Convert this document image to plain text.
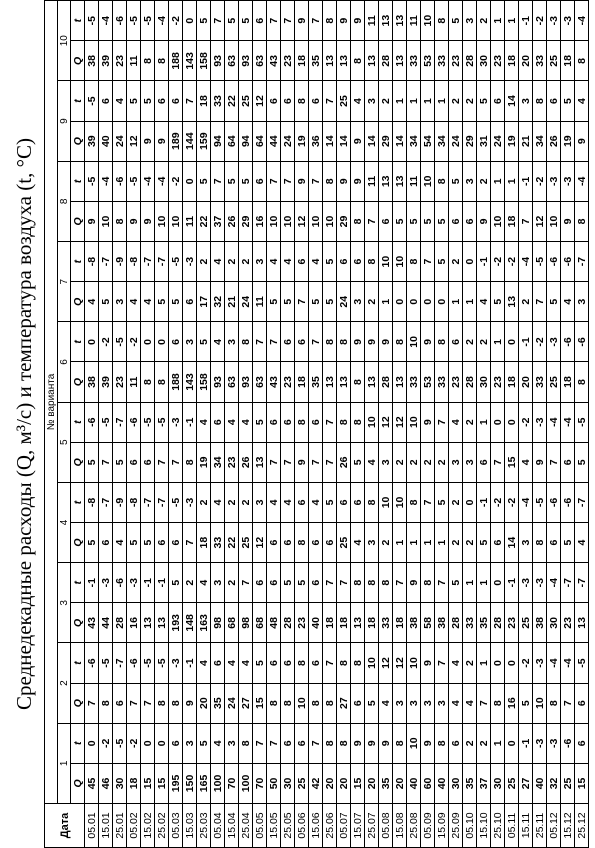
Среднедекадные расходы (Q, м³/с) и температура воздуха (t, °С)
Дата	№ варианта																			
	1		2		3		4		5		6		7		8		9		10	
	Q	t	Q	t	Q	t	Q	t	Q	t	Q	t	Q	t	Q	t	Q	t	Q	t
05.01	45	0	7	-6	43	-1	5	-8	5	-6	38	0	4	-8	9	-5	39	-5	38	-5
15.01	46	-2	8	-5	44	-3	6	-7	7	-5	39	-2	5	-7	10	-4	40	6	39	-4
25.01	30	-5	6	-7	28	-6	4	-9	5	-7	23	-5	3	-9	8	-6	24	4	23	-6
05.02	18	-2	7	-6	16	-3	5	-8	6	-6	11	-2	4	-8	9	-5	12	5	11	-5
15.02	15	0	7	-5	13	-1	5	-7	6	-5	8	0	4	-7	9	-4	9	5	8	-5
25.02	15	0	8	-5	13	-1	6	-7	7	-5	8	0	5	-7	10	-4	9	6	8	-4
05.03	195	6	8	-3	193	5	6	-5	7	-3	188	6	5	-5	10	-2	189	6	188	-2
15.03	150	3	9	-1	148	2	7	-3	8	-1	143	3	6	-3	11	0	144	7	143	0
25.03	165	5	20	4	163	4	18	2	19	4	158	5	17	2	22	5	159	18	158	5
05.04	100	4	35	6	98	3	33	4	34	6	93	4	32	4	37	7	94	33	93	7
15.04	70	3	24	4	68	2	22	2	23	4	63	3	21	2	26	5	64	22	63	5
25.04	100	8	27	4	98	7	25	2	26	4	93	8	24	2	29	5	94	25	93	5
05.05	70	7	15	5	68	6	12	3	13	5	63	7	11	3	16	6	64	12	63	6
15.05	50	7	8	6	48	6	6	4	7	6	43	7	5	4	10	7	44	6	43	7
25.05	30	6	8	6	28	5	6	4	7	6	23	6	5	4	10	7	24	6	23	7
05.06	25	6	10	8	23	5	8	6	9	8	18	6	7	6	12	9	19	8	18	9
15.06	42	7	8	6	40	6	6	4	7	6	35	7	5	4	10	7	36	6	35	7
25.06	20	8	8	7	18	7	6	5	7	7	13	8	5	5	10	8	14	7	13	8
05.07	20	8	27	8	18	7	25	6	26	8	13	8	24	6	29	9	14	25	13	9
15.07	15	9	6	8	13	8	4	6	5	8	8	9	3	6	8	9	9	4	8	9
25.07	20	9	5	10	18	8	3	8	4	10	13	9	2	8	7	11	14	3	13	11
05.08	35	9	4	12	33	8	2	10	3	12	28	9	1	10	6	13	29	2	28	13
15.08	20	8	3	12	18	7	1	10	2	12	13	8	0	10	5	13	14	1	13	13
25.08	40	10	3	10	38	9	1	8	2	10	33	10	0	8	5	11	34	1	33	11
05.09	60	9	3	9	58	8	1	7	2	9	53	9	0	7	5	10	54	1	53	10
15.09	40	8	3	7	38	7	1	5	2	7	33	8	0	5	5	8	34	1	33	8
25.09	30	6	4	4	28	5	2	2	3	4	23	6	1	2	6	5	24	2	23	5
05.10	35	2	4	2	33	1	2	0	3	2	28	2	1	0	6	3	29	2	28	3
15.10	37	2	7	1	35	1	5	-1	6	1	30	2	4	-1	9	2	31	5	30	2
25.10	30	1	8	0	28	0	6	-2	7	0	23	1	5	-2	10	1	24	6	23	1
05.11	25	0	16	0	23	-1	14	-2	15	0	18	0	13	-2	18	1	19	14	18	1
15.11	27	-1	5	-2	25	-3	3	-4	4	-2	20	-1	2	-4	7	-1	21	3	20	-1
25.11	40	-3	10	-3	38	-3	8	-5	9	-3	33	-2	7	-5	12	-2	34	8	33	-2
05.12	32	-3	8	-4	30	-4	6	-6	7	-4	25	-3	5	-6	10	-3	26	6	25	-3
15.12	25	-6	7	-4	23	-7	5	-6	6	-4	18	-6	4	-6	9	-3	19	5	18	-3
25.12	15	6	6	-5	13	-7	4	-7	5	-5	8	-6	3	-7	8	-4	9	4	8	-4
